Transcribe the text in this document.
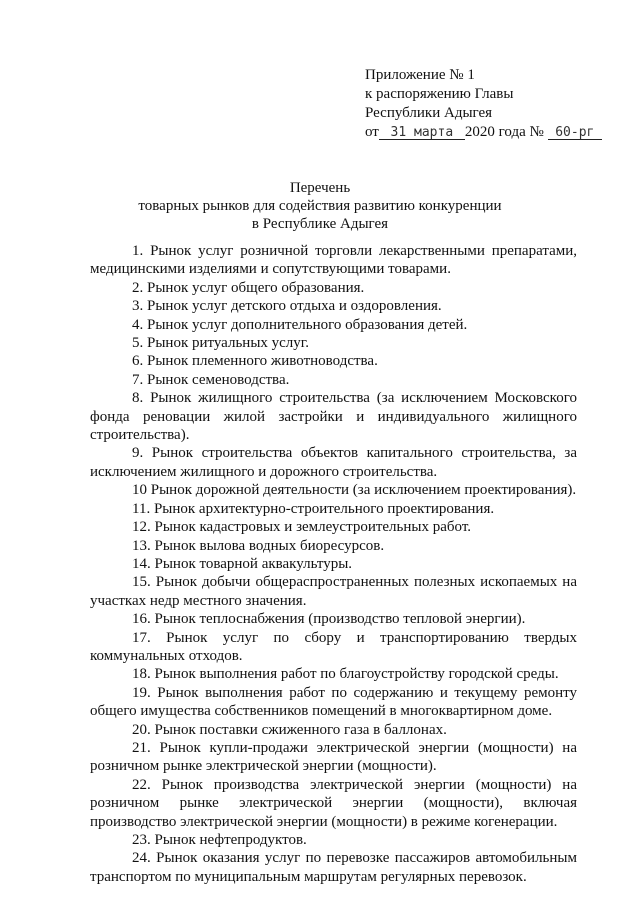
Приложение № 1
к распоряжению Главы
Республики Адыгея
от 31 марта 2020 года № 60-рг
Перечень
товарных рынков для содействия развитию конкуренции
в Республике Адыгея

1. Рынок услуг розничной торговли лекарственными препаратами, медицинскими изделиями и сопутствующими товарами.

2. Рынок услуг общего образования.

3. Рынок услуг детского отдыха и оздоровления.

4. Рынок услуг дополнительного образования детей.

5. Рынок ритуальных услуг.

6. Рынок племенного животноводства.

7. Рынок семеноводства.

8. Рынок жилищного строительства (за исключением Московского фонда реновации жилой застройки и индивидуального жилищного строительства).

9. Рынок строительства объектов капитального строительства, за исключением жилищного и дорожного строительства.

10 Рынок дорожной деятельности (за исключением проектирования).

11. Рынок архитектурно-строительного проектирования.

12. Рынок кадастровых и землеустроительных работ.

13. Рынок вылова водных биоресурсов.

14. Рынок товарной аквакультуры.

15. Рынок добычи общераспространенных полезных ископаемых на участках недр местного значения.

16. Рынок теплоснабжения (производство тепловой энергии).

17. Рынок услуг по сбору и транспортированию твердых коммунальных отходов.

18. Рынок выполнения работ по благоустройству городской среды.

19. Рынок выполнения работ по содержанию и текущему ремонту общего имущества собственников помещений в многоквартирном доме.

20. Рынок поставки сжиженного газа в баллонах.

21. Рынок купли-продажи электрической энергии (мощности) на розничном рынке электрической энергии (мощности).

22. Рынок производства электрической энергии (мощности) на розничном рынке электрической энергии (мощности), включая производство электрической энергии (мощности) в режиме когенерации.

23. Рынок нефтепродуктов.

24. Рынок оказания услуг по перевозке пассажиров автомобильным транспортом по муниципальным маршрутам регулярных перевозок.
